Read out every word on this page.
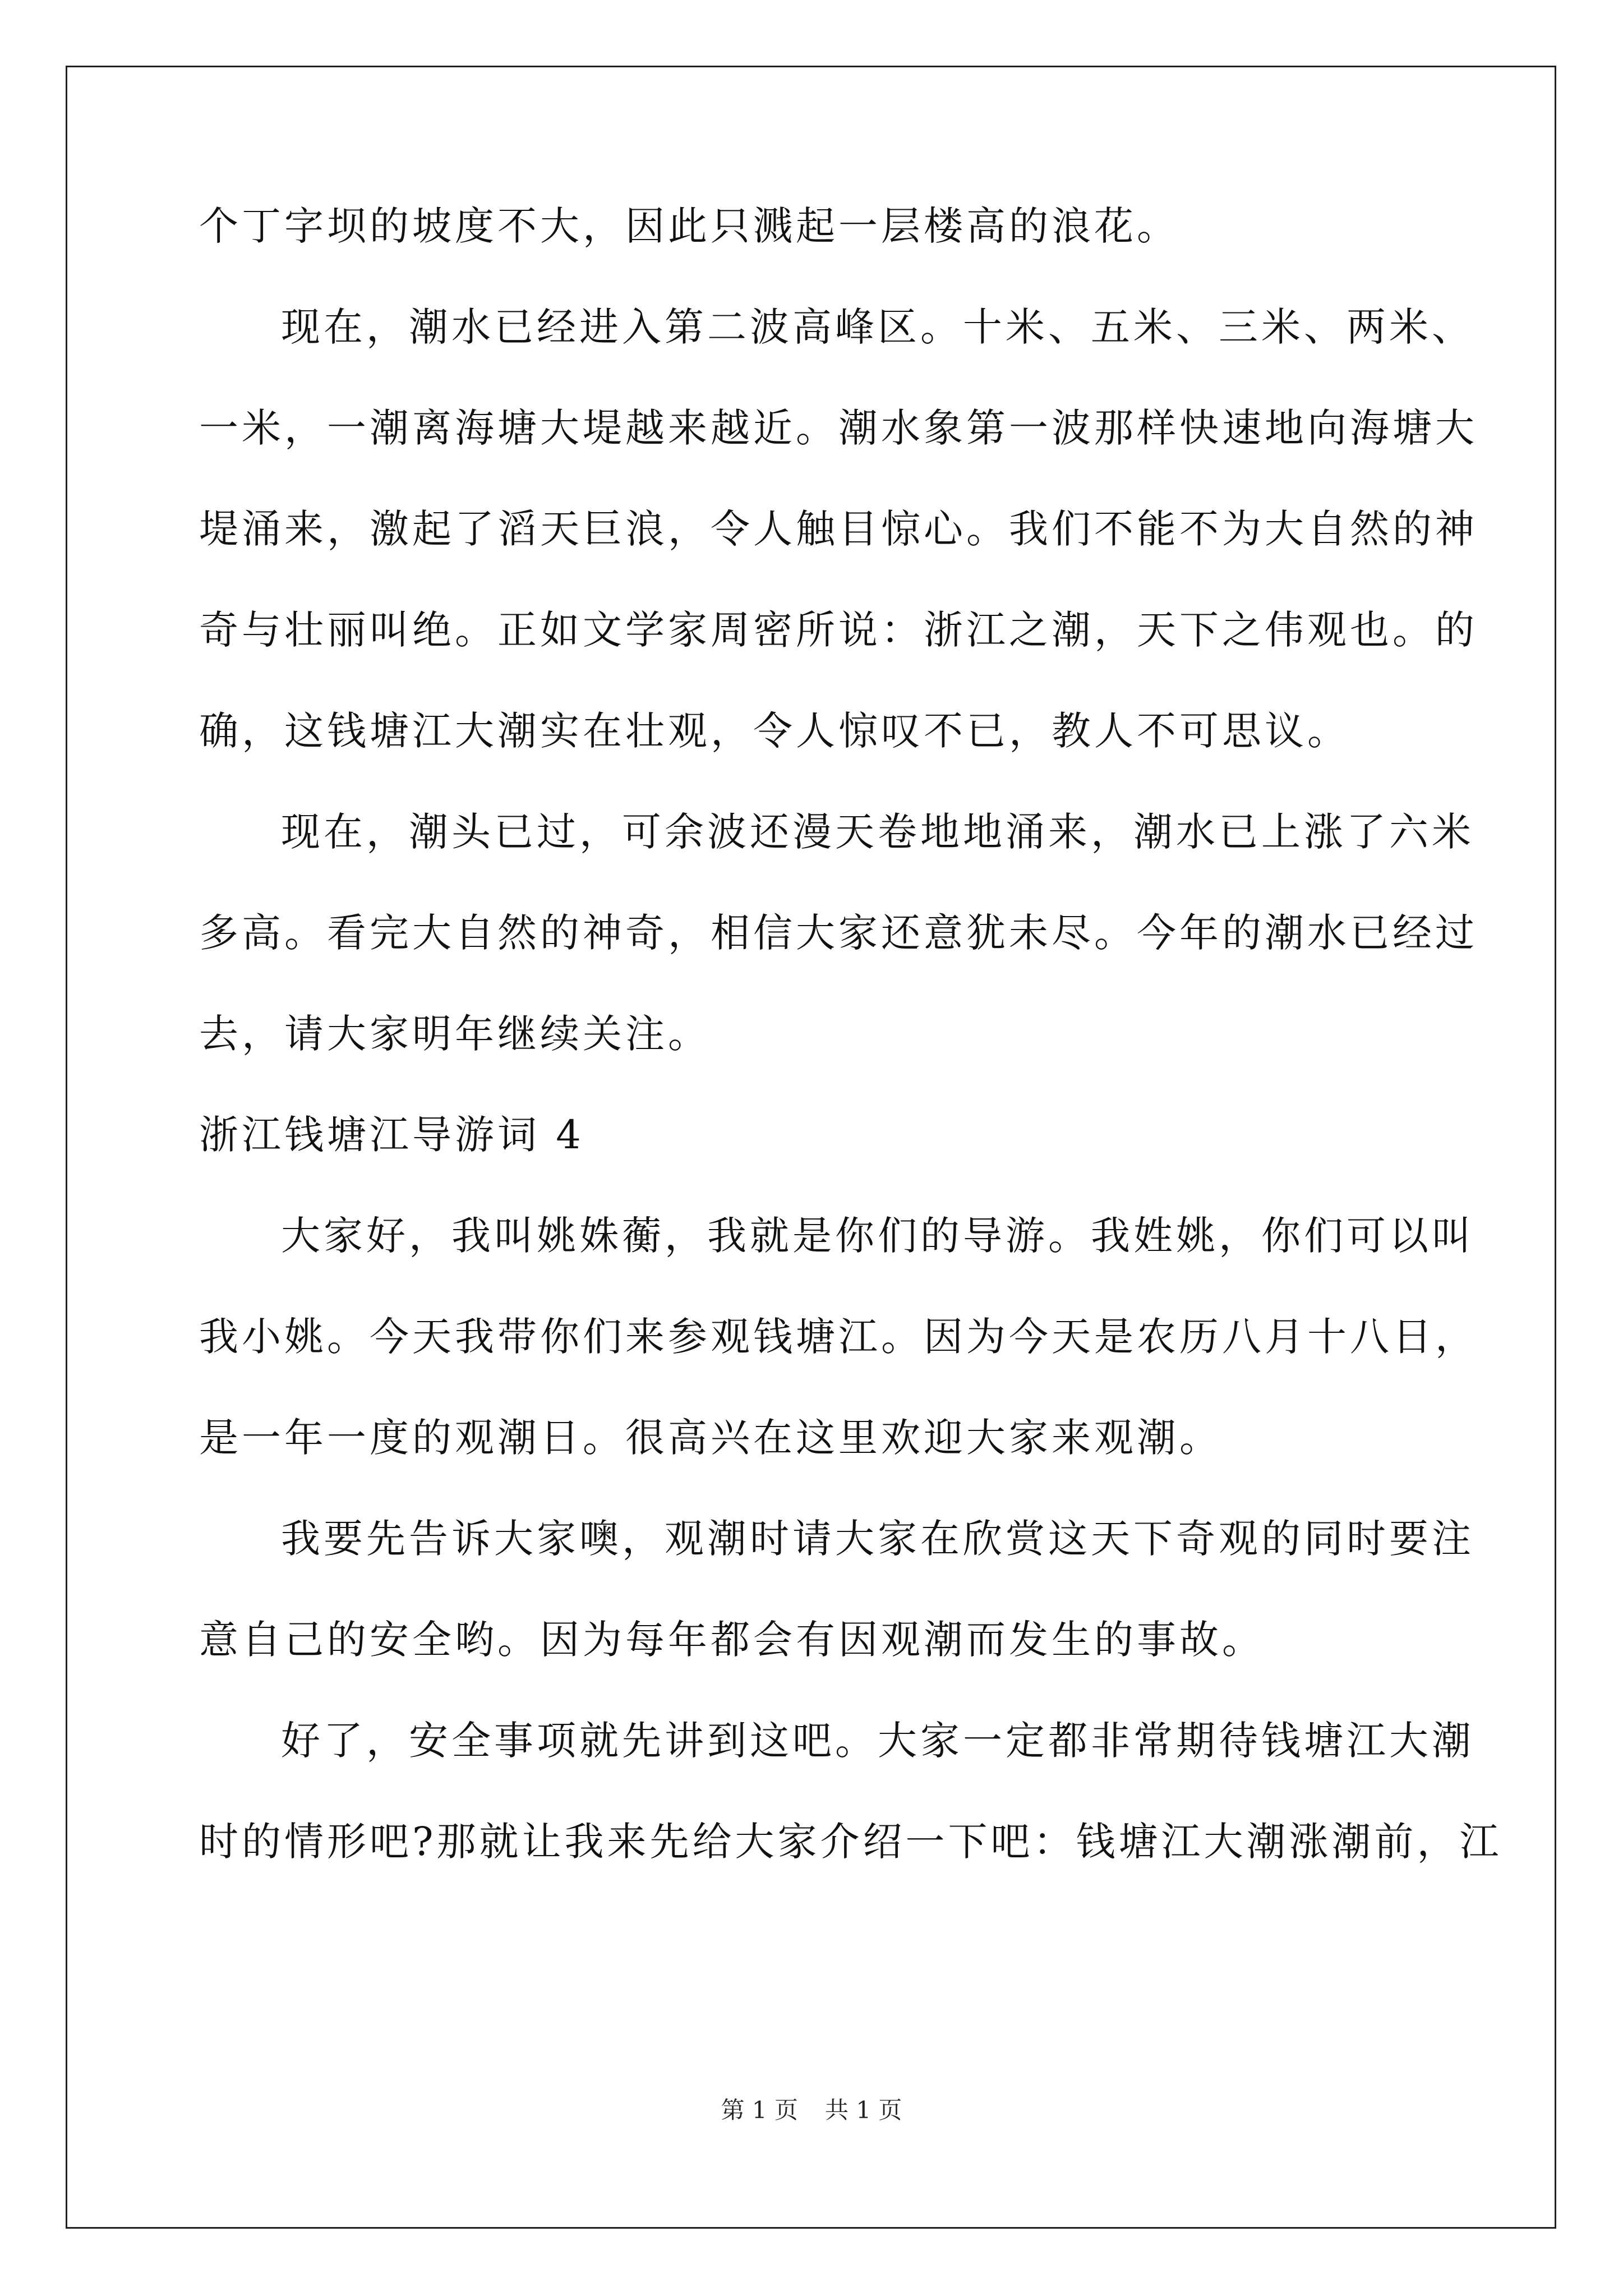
个丁字坝的坡度不大，因此只溅起一层楼高的浪花。
现在，潮水已经进入第二波高峰区。十米、五米、三米、两米、
一米，一潮离海塘大堤越来越近。潮水象第一波那样快速地向海塘大
堤涌来，激起了滔天巨浪，令人触目惊心。我们不能不为大自然的神
奇与壮丽叫绝。正如文学家周密所说：浙江之潮，天下之伟观也。的
确，这钱塘江大潮实在壮观，令人惊叹不已，教人不可思议。
现在，潮头已过，可余波还漫天卷地地涌来，潮水已上涨了六米
多高。看完大自然的神奇，相信大家还意犹未尽。今年的潮水已经过
去，请大家明年继续关注。
浙江钱塘江导游词 4
大家好，我叫姚姝蘅，我就是你们的导游。我姓姚，你们可以叫
我小姚。今天我带你们来参观钱塘江。因为今天是农历八月十八日，
是一年一度的观潮日。很高兴在这里欢迎大家来观潮。
我要先告诉大家噢，观潮时请大家在欣赏这天下奇观的同时要注
意自己的安全哟。因为每年都会有因观潮而发生的事故。
好了，安全事项就先讲到这吧。大家一定都非常期待钱塘江大潮
时的情形吧?那就让我来先给大家介绍一下吧：钱塘江大潮涨潮前，江
第 1 页 共 1 页
